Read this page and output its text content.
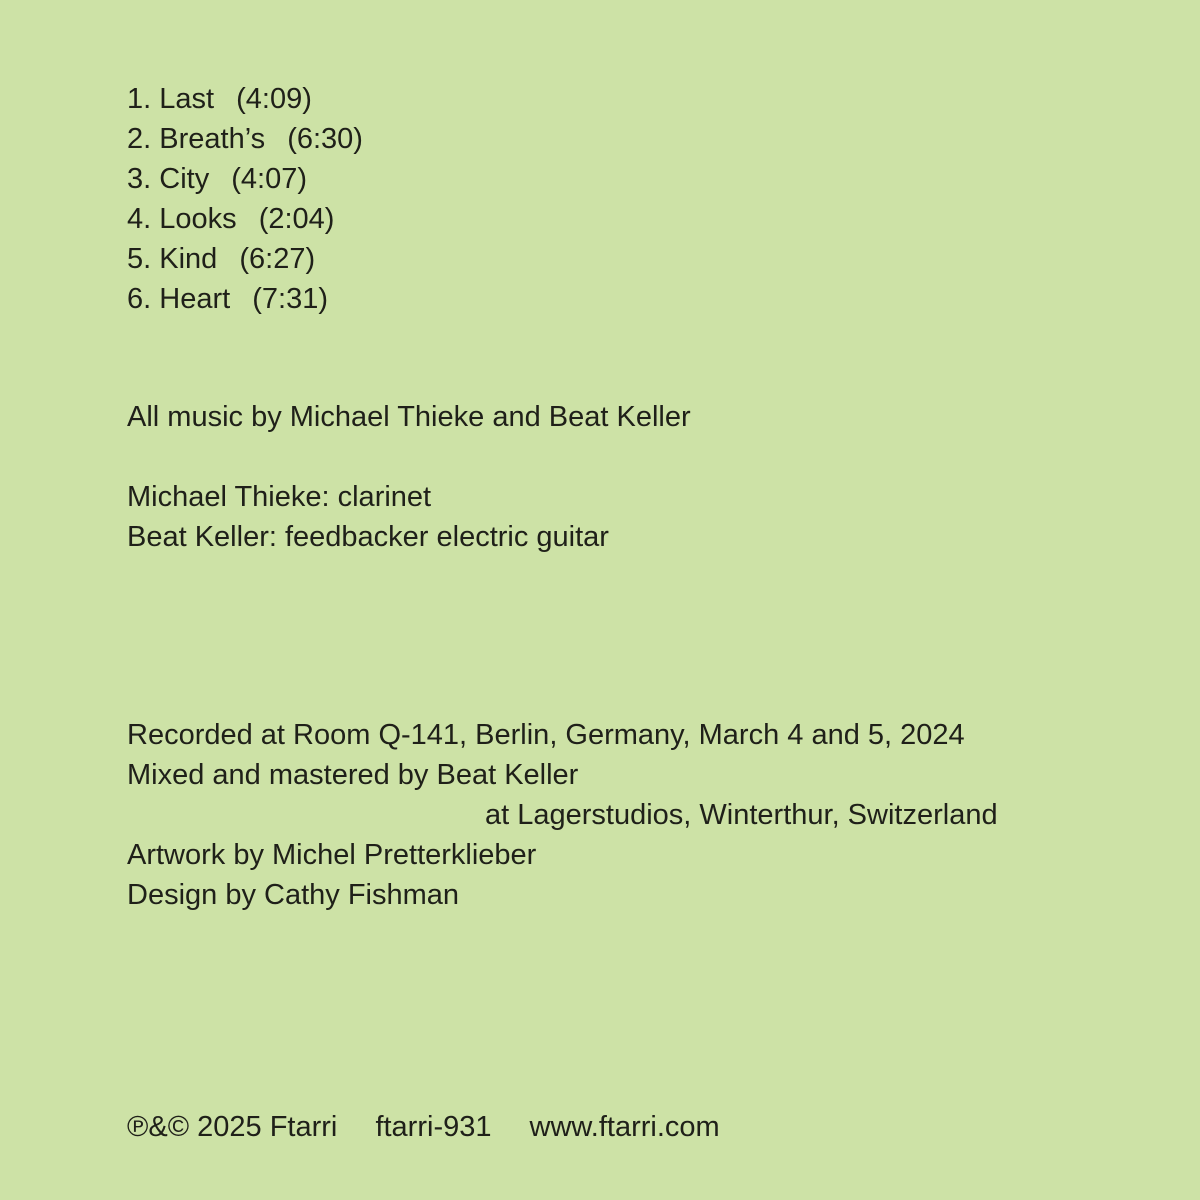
1. Last (4:09)
2. Breath’s (6:30)
3. City (4:07)
4. Looks (2:04)
5. Kind (6:27)
6. Heart (7:31)
All music by Michael Thieke and Beat Keller
Michael Thieke: clarinet
Beat Keller: feedbacker electric guitar
Recorded at Room Q-141, Berlin, Germany, March 4 and 5, 2024
Mixed and mastered by Beat Keller
at Lagerstudios, Winterthur, Switzerland
Artwork by Michel Pretterklieber
Design by Cathy Fishman
℗&© 2025 Ftarri ftarri-931 www.ftarri.com
